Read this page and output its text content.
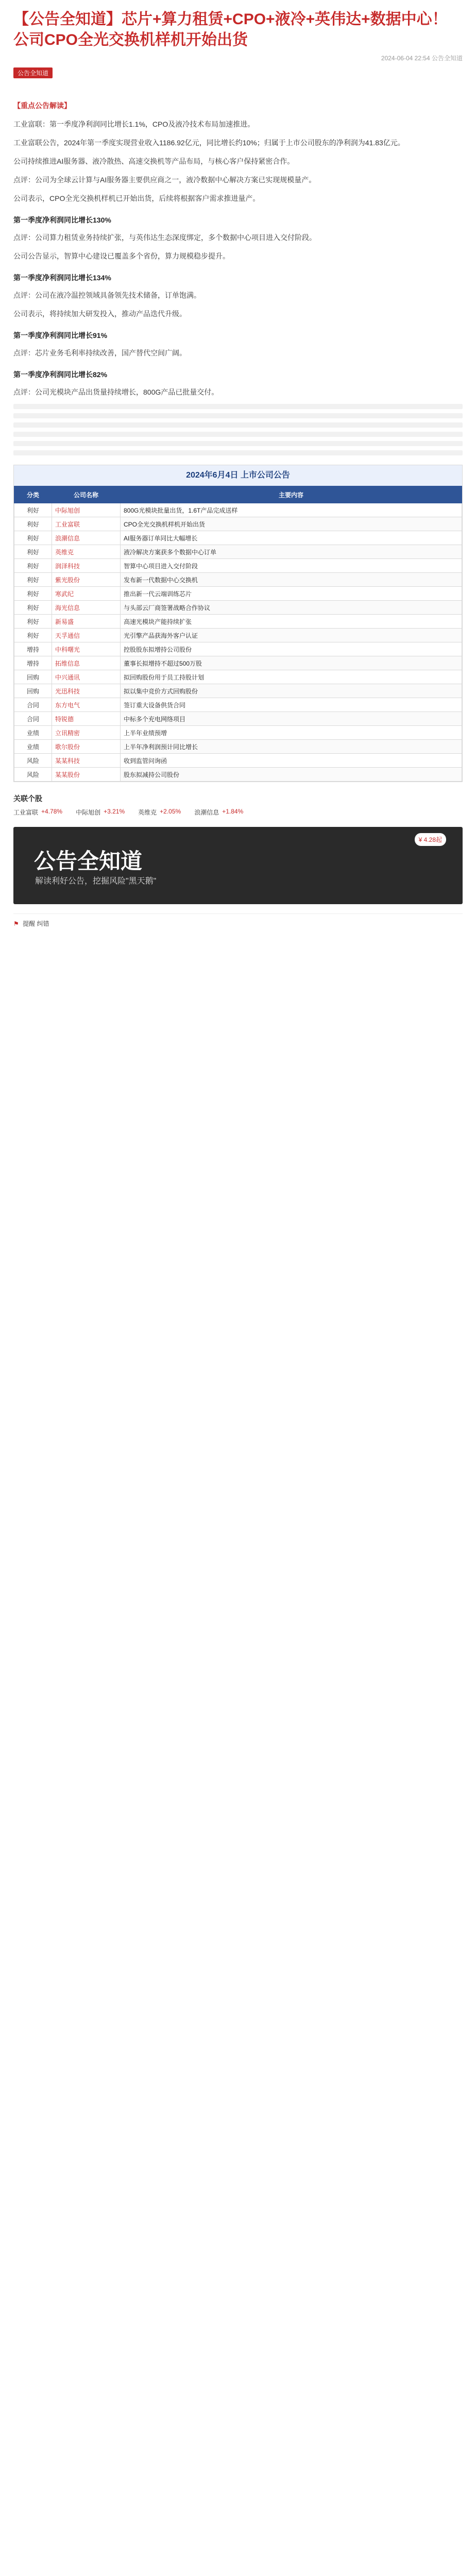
【公告全知道】芯片+算力租赁+CPO+液冷+英伟达+数据中心！公司CPO全光交换机样机开始出货
2024-06-04 22:54 公告全知道
公告全知道
【重点公告解读】

工业富联：第一季度净利润同比增长1.1%，CPO及液冷技术布局加速推进。

工业富联公告，2024年第一季度实现营业收入1186.92亿元，同比增长约10%；归属于上市公司股东的净利润为41.83亿元。

公司持续推进AI服务器、液冷散热、高速交换机等产品布局，与核心客户保持紧密合作。

点评：公司为全球云计算与AI服务器主要供应商之一，液冷数据中心解决方案已实现规模量产。

公司表示，CPO全光交换机样机已开始出货，后续将根据客户需求推进量产。

第一季度净利润同比增长130%

点评：公司算力租赁业务持续扩张，与英伟达生态深度绑定，多个数据中心项目进入交付阶段。

公司公告显示，智算中心建设已覆盖多个省份，算力规模稳步提升。

第一季度净利润同比增长134%

点评：公司在液冷温控领域具备领先技术储备，订单饱满。

公司表示，将持续加大研发投入，推动产品迭代升级。

第一季度净利润同比增长91%

点评：芯片业务毛利率持续改善，国产替代空间广阔。

第一季度净利润同比增长82%

点评：公司光模块产品出货量持续增长，800G产品已批量交付。

2024年6月4日 上市公司公告
分类	公司名称	主要内容
利好	中际旭创	800G光模块批量出货，1.6T产品完成送样
利好	工业富联	CPO全光交换机样机开始出货
利好	浪潮信息	AI服务器订单同比大幅增长
利好	英维克	液冷解决方案获多个数据中心订单
利好	润泽科技	智算中心项目进入交付阶段
利好	紫光股份	发布新一代数据中心交换机
利好	寒武纪	推出新一代云端训练芯片
利好	海光信息	与头部云厂商签署战略合作协议
利好	新易盛	高速光模块产能持续扩张
利好	天孚通信	光引擎产品获海外客户认证
增持	中科曙光	控股股东拟增持公司股份
增持	拓维信息	董事长拟增持不超过500万股
回购	中兴通讯	拟回购股份用于员工持股计划
回购	光迅科技	拟以集中竞价方式回购股份
合同	东方电气	签订重大设备供货合同
合同	特锐德	中标多个充电网络项目
业绩	立讯精密	上半年业绩预增
业绩	歌尔股份	上半年净利润预计同比增长
风险	某某科技	收到监管问询函
风险	某某股份	股东拟减持公司股份
关联个股
工业富联 +4.78% 中际旭创 +3.21% 英维克 +2.05% 浪潮信息 +1.84%
公告全知道
解读利好公告，挖掘风险"黑天鹅"
¥ 4.28起
⚑ 提醒 纠错
